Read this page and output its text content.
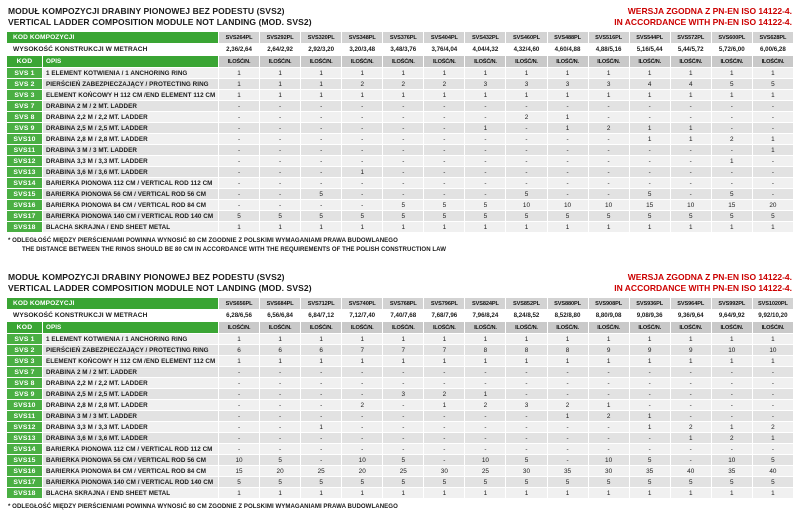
MODUŁ KOMPOZYCJI DRABINY PIONOWEJ BEZ PODESTU (SVS2)
VERTICAL LADDER COMPOSITION MODULE NOT LANDING (MOD. SVS2)
WERSJA ZGODNA Z PN-EN ISO 14122-4.
IN ACCORDANCE WITH PN-EN ISO 14122-4.
KOD KOMPOZYCJI		SVS264PL	SVS292PL	SVS320PL	SVS348PL	SVS376PL	SVS404PL	SVS432PL	SVS460PL	SVS488PL	SVS516PL	SVS544PL	SVS572PL	SVS600PL	SVS628PL
WYSOKOŚĆ KONSTRUKCJI W METRACH		2,36/2,64	2,64/2,92	2,92/3,20	3,20/3,48	3,48/3,76	3,76/4,04	4,04/4,32	4,32/4,60	4,60/4,88	4,88/5,16	5,16/5,44	5,44/5,72	5,72/6,00	6,00/6,28
KOD	OPIS	ILOŚĆ/N.	ILOŚĆ/N.	ILOŚĆ/N.	ILOŚĆ/N.	ILOŚĆ/N.	ILOŚĆ/N.	ILOŚĆ/N.	ILOŚĆ/N.	ILOŚĆ/N.	ILOŚĆ/N.	ILOŚĆ/N.	ILOŚĆ/N.	ILOŚĆ/N.	ILOŚĆ/N.
SVS 1	1 ELEMENT KOTWIENIA / 1 ANCHORING RING	1	1	1	1	1	1	1	1	1	1	1	1	1	1
SVS 2	PIERŚCIEŃ ZABEZPIECZAJĄCY / PROTECTING RING	1	1	1	2	2	2	3	3	3	3	4	4	5	5
SVS 3	ELEMENT KOŃCOWY H 112 CM /END ELEMENT 112 CM	1	1	1	1	1	1	1	1	1	1	1	1	1	1
SVS 7	DRABINA 2 M / 2 MT. LADDER	-	-	-	-	-	-	-	-	-	-	-	-	-	-
SVS 8	DRABINA 2,2 M / 2,2 MT. LADDER	-	-	-	-	-	-	-	2	1	-	-	-	-	-
SVS 9	DRABINA 2,5 M / 2,5 MT. LADDER	-	-	-	-	-	-	1	-	1	2	1	1	-	-
SVS10	DRABINA 2,8 M / 2,8 MT. LADDER	-	-	-	-	-	-	-	-	-	-	1	1	2	1
SVS11	DRABINA 3 M / 3 MT. LADDER	-	-	-	-	-	-	-	-	-	-	-	-	-	1
SVS12	DRABINA 3,3 M / 3,3 MT. LADDER	-	-	-	-	-	-	-	-	-	-	-	-	1	-
SVS13	DRABINA 3,6 M / 3,6 MT. LADDER	-	-	-	1	-	-	-	-	-	-	-	-	-	-
SVS14	BARIERKA PIONOWA 112 CM / VERTICAL ROD 112 CM	-	-	-	-	-	-	-	-	-	-	-	-	-	-
SVS15	BARIERKA PIONOWA 56 CM / VERTICAL ROD 56 CM	-	-	5	-	-	-	-	5	-	-	5	-	5	-
SVS16	BARIERKA PIONOWA 84 CM / VERTICAL ROD 84 CM	-	-	-	-	5	5	5	10	10	10	15	10	15	20
SVS17	BARIERKA PIONOWA 140 CM / VERTICAL ROD 140 CM	5	5	5	5	5	5	5	5	5	5	5	5	5	5
SVS18	BLACHA SKRAJNA / END SHEET METAL	1	1	1	1	1	1	1	1	1	1	1	1	1	1
* ODLEGŁOŚĆ MIĘDZY PIERŚCIENIAMI POWINNA WYNOSIĆ 80 CM ZGODNIE Z POLSKIMI WYMAGANIAMI PRAWA BUDOWLANEGO
THE DISTANCE BETWEEN THE RINGS SHOULD BE 80 CM IN ACCORDANCE WITH THE REQUIREMENTS OF THE POLISH CONSTRUCTION LAW
MODUŁ KOMPOZYCJI DRABINY PIONOWEJ BEZ PODESTU (SVS2)
VERTICAL LADDER COMPOSITION MODULE NOT LANDING (MOD. SVS2)
WERSJA ZGODNA Z PN-EN ISO 14122-4.
IN ACCORDANCE WITH PN-EN ISO 14122-4.
KOD KOMPOZYCJI		SVS656PL	SVS684PL	SVS712PL	SVS740PL	SVS768PL	SVS796PL	SVS824PL	SVS852PL	SVS880PL	SVS908PL	SVS936PL	SVS964PL	SVS992PL	SVS1020PL
WYSOKOŚĆ KONSTRUKCJI W METRACH		6,28/6,56	6,56/6,84	6,84/7,12	7,12/7,40	7,40/7,68	7,68/7,96	7,96/8,24	8,24/8,52	8,52/8,80	8,80/9,08	9,08/9,36	9,36/9,64	9,64/9,92	9,92/10,20
KOD	OPIS	ILOŚĆ/N.	ILOŚĆ/N.	ILOŚĆ/N.	ILOŚĆ/N.	ILOŚĆ/N.	ILOŚĆ/N.	ILOŚĆ/N.	ILOŚĆ/N.	ILOŚĆ/N.	ILOŚĆ/N.	ILOŚĆ/N.	ILOŚĆ/N.	ILOŚĆ/N.	ILOŚĆ/N.
SVS 1	1 ELEMENT KOTWIENIA / 1 ANCHORING RING	1	1	1	1	1	1	1	1	1	1	1	1	1	1
SVS 2	PIERŚCIEŃ ZABEZPIECZAJĄCY / PROTECTING RING	6	6	6	7	7	7	8	8	8	9	9	9	10	10
SVS 3	ELEMENT KOŃCOWY H 112 CM /END ELEMENT 112 CM	1	1	1	1	1	1	1	1	1	1	1	1	1	1
SVS 7	DRABINA 2 M / 2 MT. LADDER	-	-	-	-	-	-	-	-	-	-	-	-	-	-
SVS 8	DRABINA 2,2 M / 2,2 MT. LADDER	-	-	-	-	-	-	-	-	-	-	-	-	-	-
SVS 9	DRABINA 2,5 M / 2,5 MT. LADDER	-	-	-	-	3	2	1	-	-	-	-	-	-	-
SVS10	DRABINA 2,8 M / 2,8 MT. LADDER	-	-	-	2	-	1	2	3	2	1	-	-	-	-
SVS11	DRABINA 3 M / 3 MT. LADDER	-	-	-	-	-	-	-	-	1	2	1	-	-	-
SVS12	DRABINA 3,3 M / 3,3 MT. LADDER	-	-	1	-	-	-	-	-	-	-	1	2	1	2
SVS13	DRABINA 3,6 M / 3,6 MT. LADDER	-	-	-	-	-	-	-	-	-	-	-	1	2	1
SVS14	BARIERKA PIONOWA 112 CM / VERTICAL ROD 112 CM	-	-	-	-	-	-	-	-	-	-	-	-	-	-
SVS15	BARIERKA PIONOWA 56 CM / VERTICAL ROD 56 CM	10	5	-	10	5	-	10	5	-	10	5	-	10	5
SVS16	BARIERKA PIONOWA 84 CM / VERTICAL ROD 84 CM	15	20	25	20	25	30	25	30	35	30	35	40	35	40
SVS17	BARIERKA PIONOWA 140 CM / VERTICAL ROD 140 CM	5	5	5	5	5	5	5	5	5	5	5	5	5	5
SVS18	BLACHA SKRAJNA / END SHEET METAL	1	1	1	1	1	1	1	1	1	1	1	1	1	1
* ODLEGŁOŚĆ MIĘDZY PIERŚCIENIAMI POWINNA WYNOSIĆ 80 CM ZGODNIE Z POLSKIMI WYMAGANIAMI PRAWA BUDOWLANEGO
